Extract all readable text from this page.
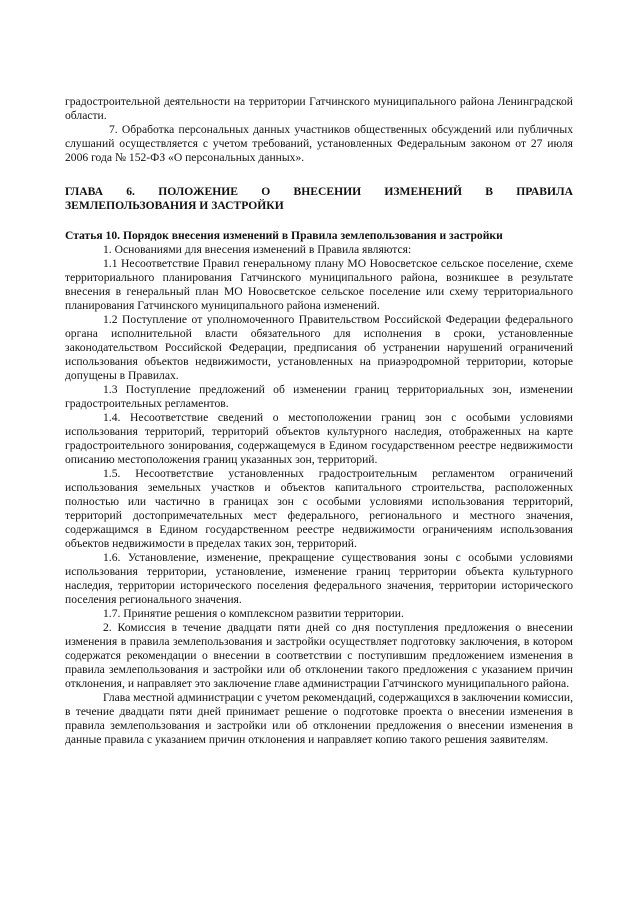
градостроительной деятельности на территории Гатчинского муниципального района Ленинградской области.

7. Обработка персональных данных участников общественных обсуждений или публичных слушаний осуществляется с учетом требований, установленных Федеральным законом от 27 июля 2006 года № 152-ФЗ «О персональных данных».

ГЛАВА 6. ПОЛОЖЕНИЕ О ВНЕСЕНИИ ИЗМЕНЕНИЙ В ПРАВИЛА
ЗЕМЛЕПОЛЬЗОВАНИЯ И ЗАСТРОЙКИ

Статья 10. Порядок внесения изменений в Правила землепользования и застройки

1. Основаниями для внесения изменений в Правила являются:

1.1 Несоответствие Правил генеральному плану МО Новосветское сельское поселение, схеме территориального планирования Гатчинского муниципального района, возникшее в результате внесения в генеральный план МО Новосветское сельское поселение или схему территориального планирования Гатчинского муниципального района изменений.

1.2 Поступление от уполномоченного Правительством Российской Федерации федерального органа исполнительной власти обязательного для исполнения в сроки, установленные законодательством Российской Федерации, предписания об устранении нарушений ограничений использования объектов недвижимости, установленных на приаэродромной территории, которые допущены в Правилах.

1.3 Поступление предложений об изменении границ территориальных зон, изменении градостроительных регламентов.

1.4. Несоответствие сведений о местоположении границ зон с особыми условиями использования территорий, территорий объектов культурного наследия, отображенных на карте градостроительного зонирования, содержащемуся в Едином государственном реестре недвижимости описанию местоположения границ указанных зон, территорий.

1.5. Несоответствие установленных градостроительным регламентом ограничений использования земельных участков и объектов капитального строительства, расположенных полностью или частично в границах зон с особыми условиями использования территорий, территорий достопримечательных мест федерального, регионального и местного значения, содержащимся в Едином государственном реестре недвижимости ограничениям использования объектов недвижимости в пределах таких зон, территорий.

1.6. Установление, изменение, прекращение существования зоны с особыми условиями использования территории, установление, изменение границ территории объекта культурного наследия, территории исторического поселения федерального значения, территории исторического поселения регионального значения.

1.7. Принятие решения о комплексном развитии территории.

2. Комиссия в течение двадцати пяти дней со дня поступления предложения о внесении изменения в правила землепользования и застройки осуществляет подготовку заключения, в котором содержатся рекомендации о внесении в соответствии с поступившим предложением изменения в правила землепользования и застройки или об отклонении такого предложения с указанием причин отклонения, и направляет это заключение главе администрации Гатчинского муниципального района.

Глава местной администрации с учетом рекомендаций, содержащихся в заключении комиссии, в течение двадцати пяти дней принимает решение о подготовке проекта о внесении изменения в правила землепользования и застройки или об отклонении предложения о внесении изменения в данные правила с указанием причин отклонения и направляет копию такого решения заявителям.
